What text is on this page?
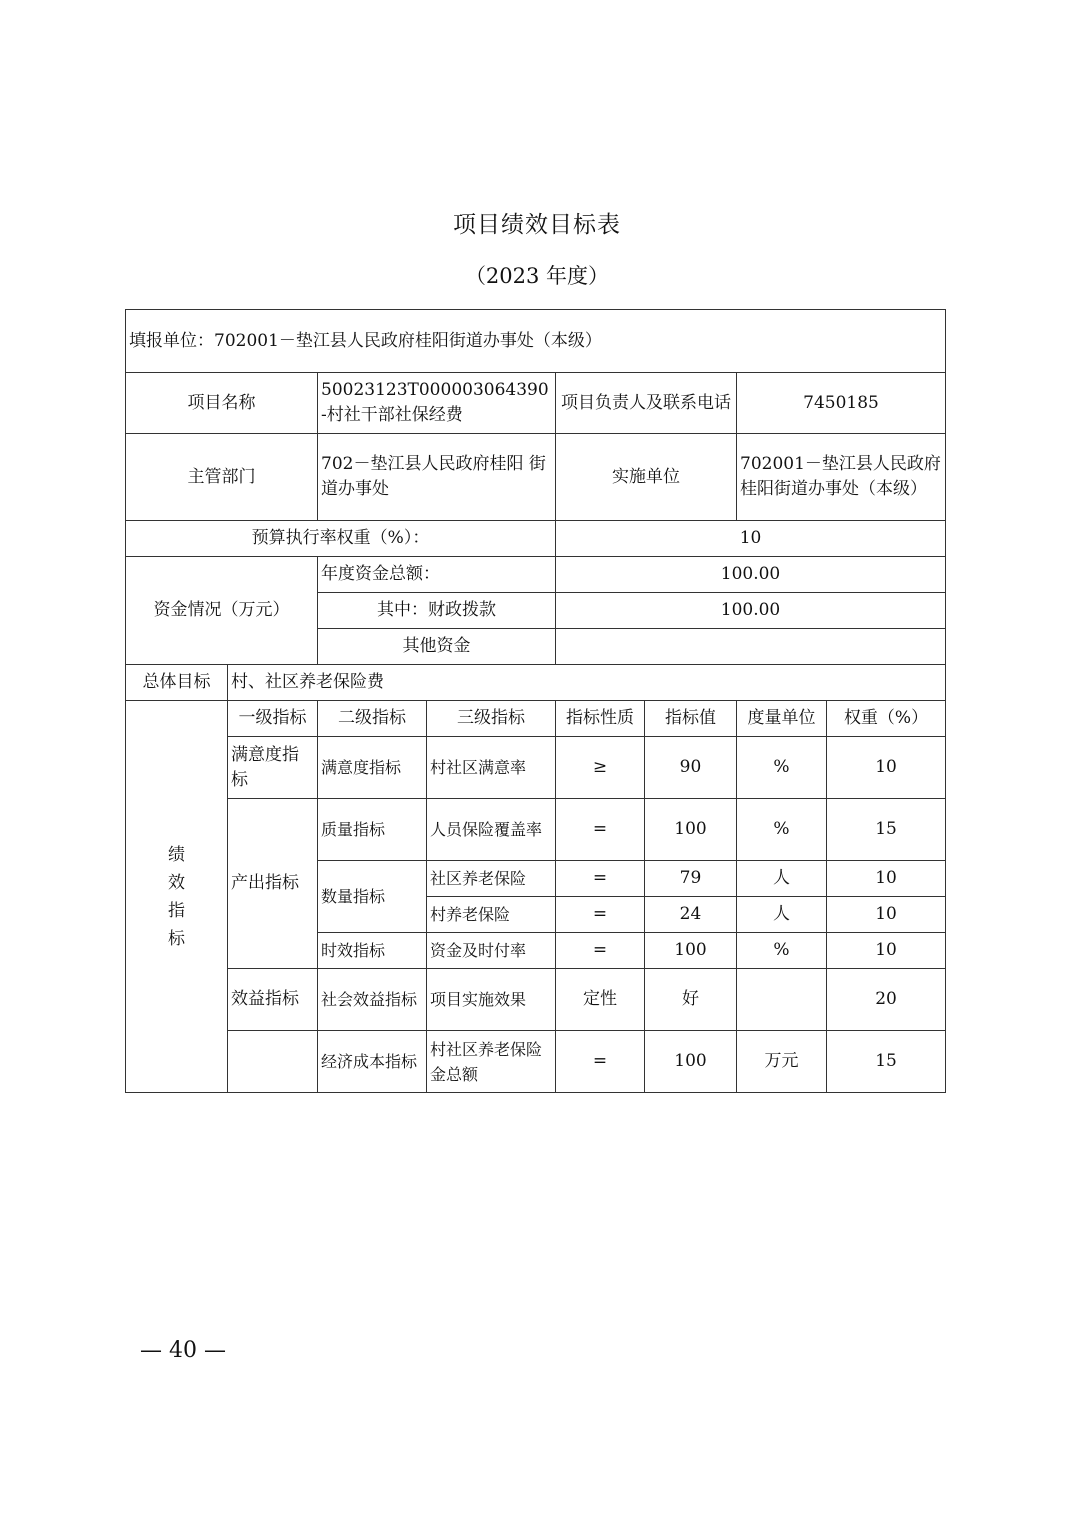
项目绩效目标表
（2023 年度）
填报单位：702001－垫江县人民政府桂阳街道办事处（本级）							
项目名称		50023123T000003064390-村社干部社保经费		项目负责人及联系电话		7450185	
主管部门		702－垫江县人民政府桂阳 街道办事处		实施单位		702001－垫江县人民政府桂阳街道办事处（本级）	
预算执行率权重（%）：				10			
资金情况（万元）		年度资金总额：		100.00			
		其中：财政拨款		100.00			
		其他资金					
总体目标	村、社区养老保险费						
绩效指标	一级指标	二级指标	三级指标	指标性质	指标值	度量单位	权重（%）
	满意度指标	满意度指标	村社区满意率	≥	90	%	10
	产出指标	质量指标	人员保险覆盖率	=	100	%	15
		数量指标	社区养老保险	=	79	人	10
			村养老保险	=	24	人	10
		时效指标	资金及时付率	=	100	%	10
	效益指标	社会效益指标	项目实施效果	定性	好		20
		经济成本指标	村社区养老保险金总额	=	100	万元	15
— 40 —
